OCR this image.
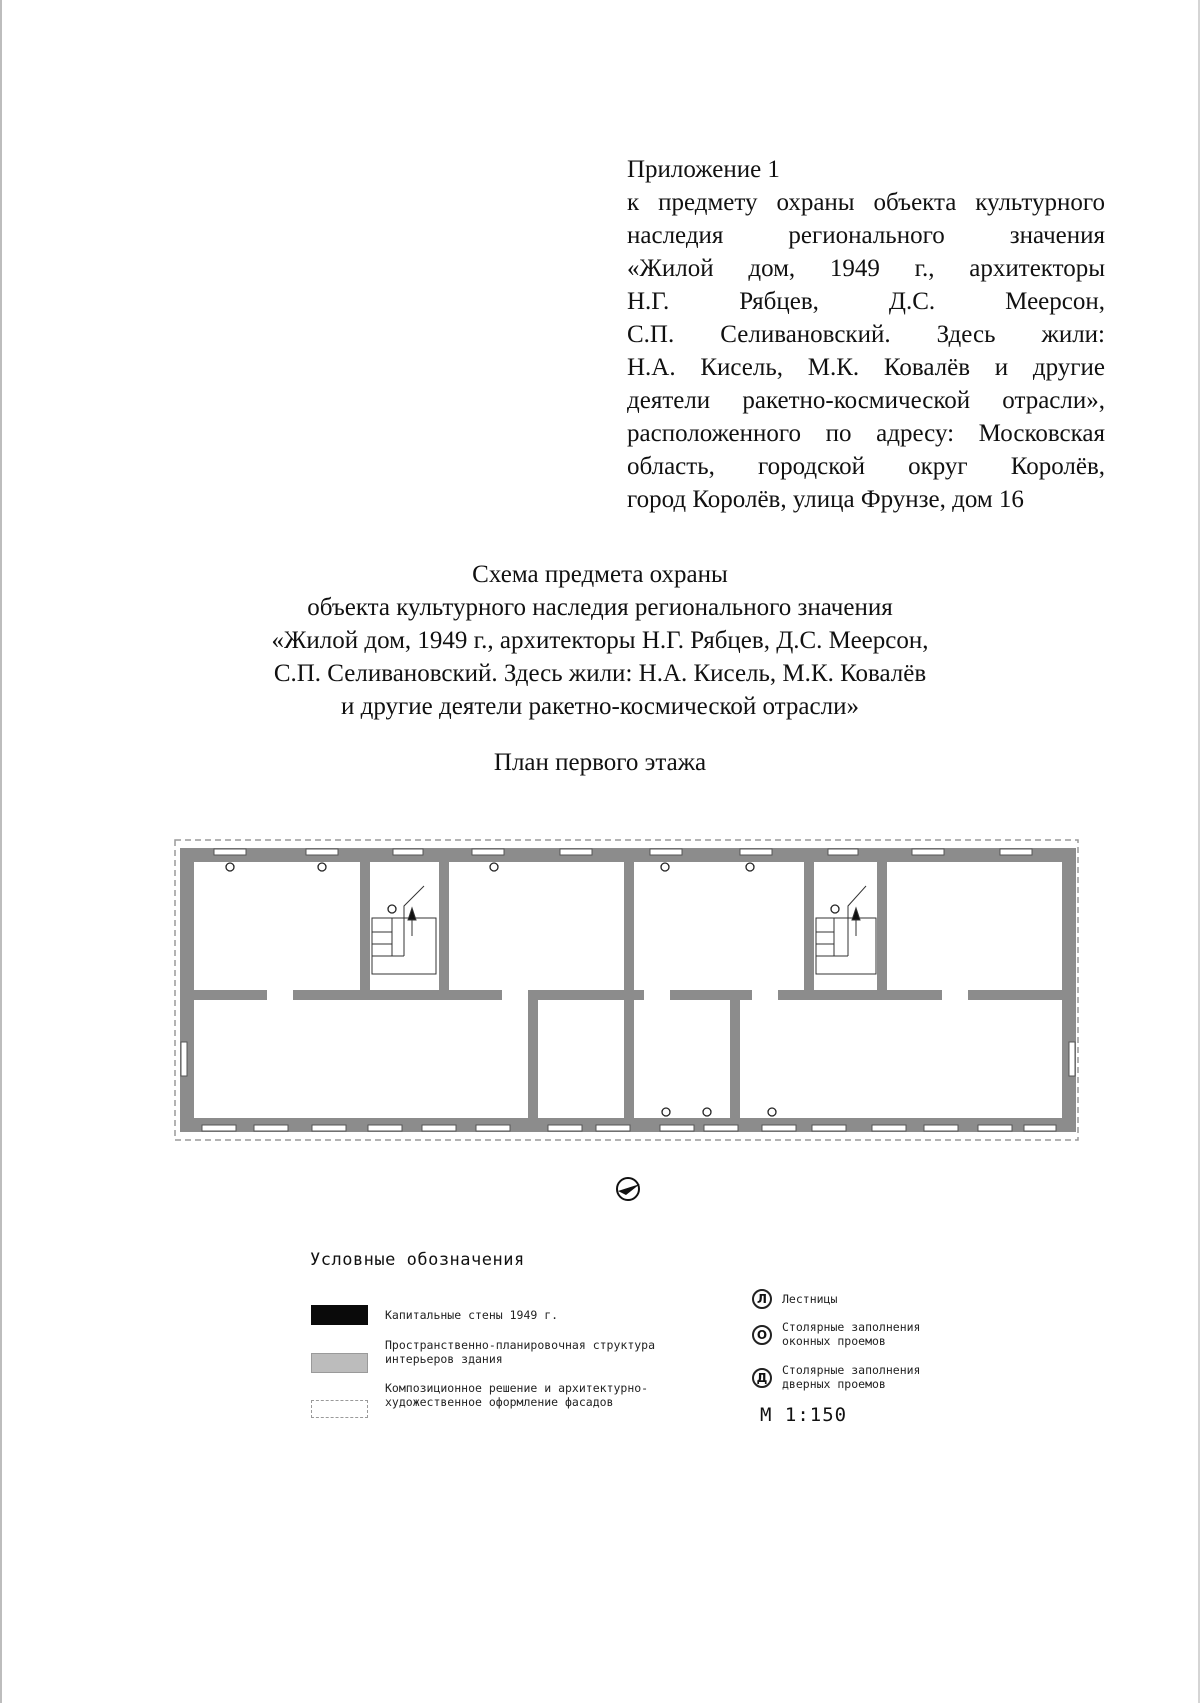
Приложение 1
к предмету охраны объекта культурного
наследия регионального значения
«Жилой дом, 1949 г., архитекторы
Н.Г. Рябцев, Д.С. Меерсон,
С.П. Селивановский. Здесь жили:
Н.А. Кисель, М.К. Ковалёв и другие
деятели ракетно-космической отрасли»,
расположенного по адресу: Московская
область, городской округ Королёв,
город Королёв, улица Фрунзе, дом 16
Схема предмета охраны
объекта культурного наследия регионального значения
«Жилой дом, 1949 г., архитекторы Н.Г. Рябцев, Д.С. Меерсон,
С.П. Селивановский. Здесь жили: Н.А. Кисель, М.К. Ковалёв
и другие деятели ракетно-космической отрасли»
План первого этажа
Условные обозначения
Капитальные стены 1949 г.
Пространственно-планировочная структура
интерьеров здания
Композиционное решение и архитектурно-
художественное оформление фасадов
Л	Лестницы
О
Столярные заполнения
оконных проемов
Д
Столярные заполнения
дверных проемов
М 1:150
